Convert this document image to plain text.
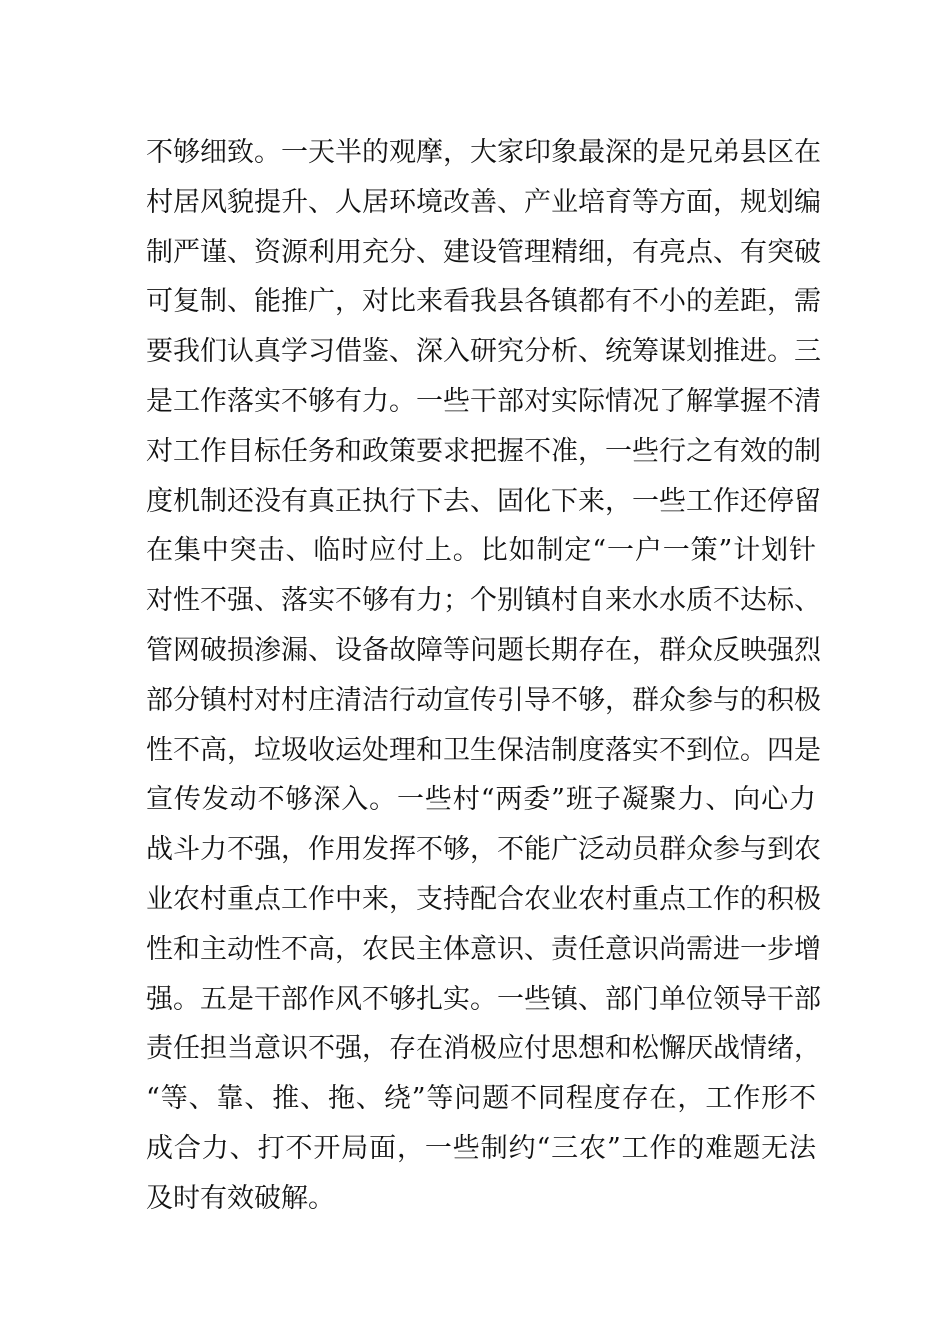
不够细致。一天半的观摩，大家印象最深的是兄弟县区在
村居风貌提升、人居环境改善、产业培育等方面，规划编
制严谨、资源利用充分、建设管理精细，有亮点、有突破
可复制、能推广，对比来看我县各镇都有不小的差距，需
要我们认真学习借鉴、深入研究分析、统筹谋划推进。三
是工作落实不够有力。一些干部对实际情况了解掌握不清
对工作目标任务和政策要求把握不准，一些行之有效的制
度机制还没有真正执行下去、固化下来，一些工作还停留
在集中突击、临时应付上。比如制定“一户一策”计划针
对性不强、落实不够有力；个别镇村自来水水质不达标、
管网破损渗漏、设备故障等问题长期存在，群众反映强烈
部分镇村对村庄清洁行动宣传引导不够，群众参与的积极
性不高，垃圾收运处理和卫生保洁制度落实不到位。四是
宣传发动不够深入。一些村“两委”班子凝聚力、向心力
战斗力不强，作用发挥不够，不能广泛动员群众参与到农
业农村重点工作中来，支持配合农业农村重点工作的积极
性和主动性不高，农民主体意识、责任意识尚需进一步增
强。五是干部作风不够扎实。一些镇、部门单位领导干部
责任担当意识不强，存在消极应付思想和松懈厌战情绪，
“等、靠、推、拖、绕”等问题不同程度存在，工作形不
成合力、打不开局面，一些制约“三农”工作的难题无法
及时有效破解。
